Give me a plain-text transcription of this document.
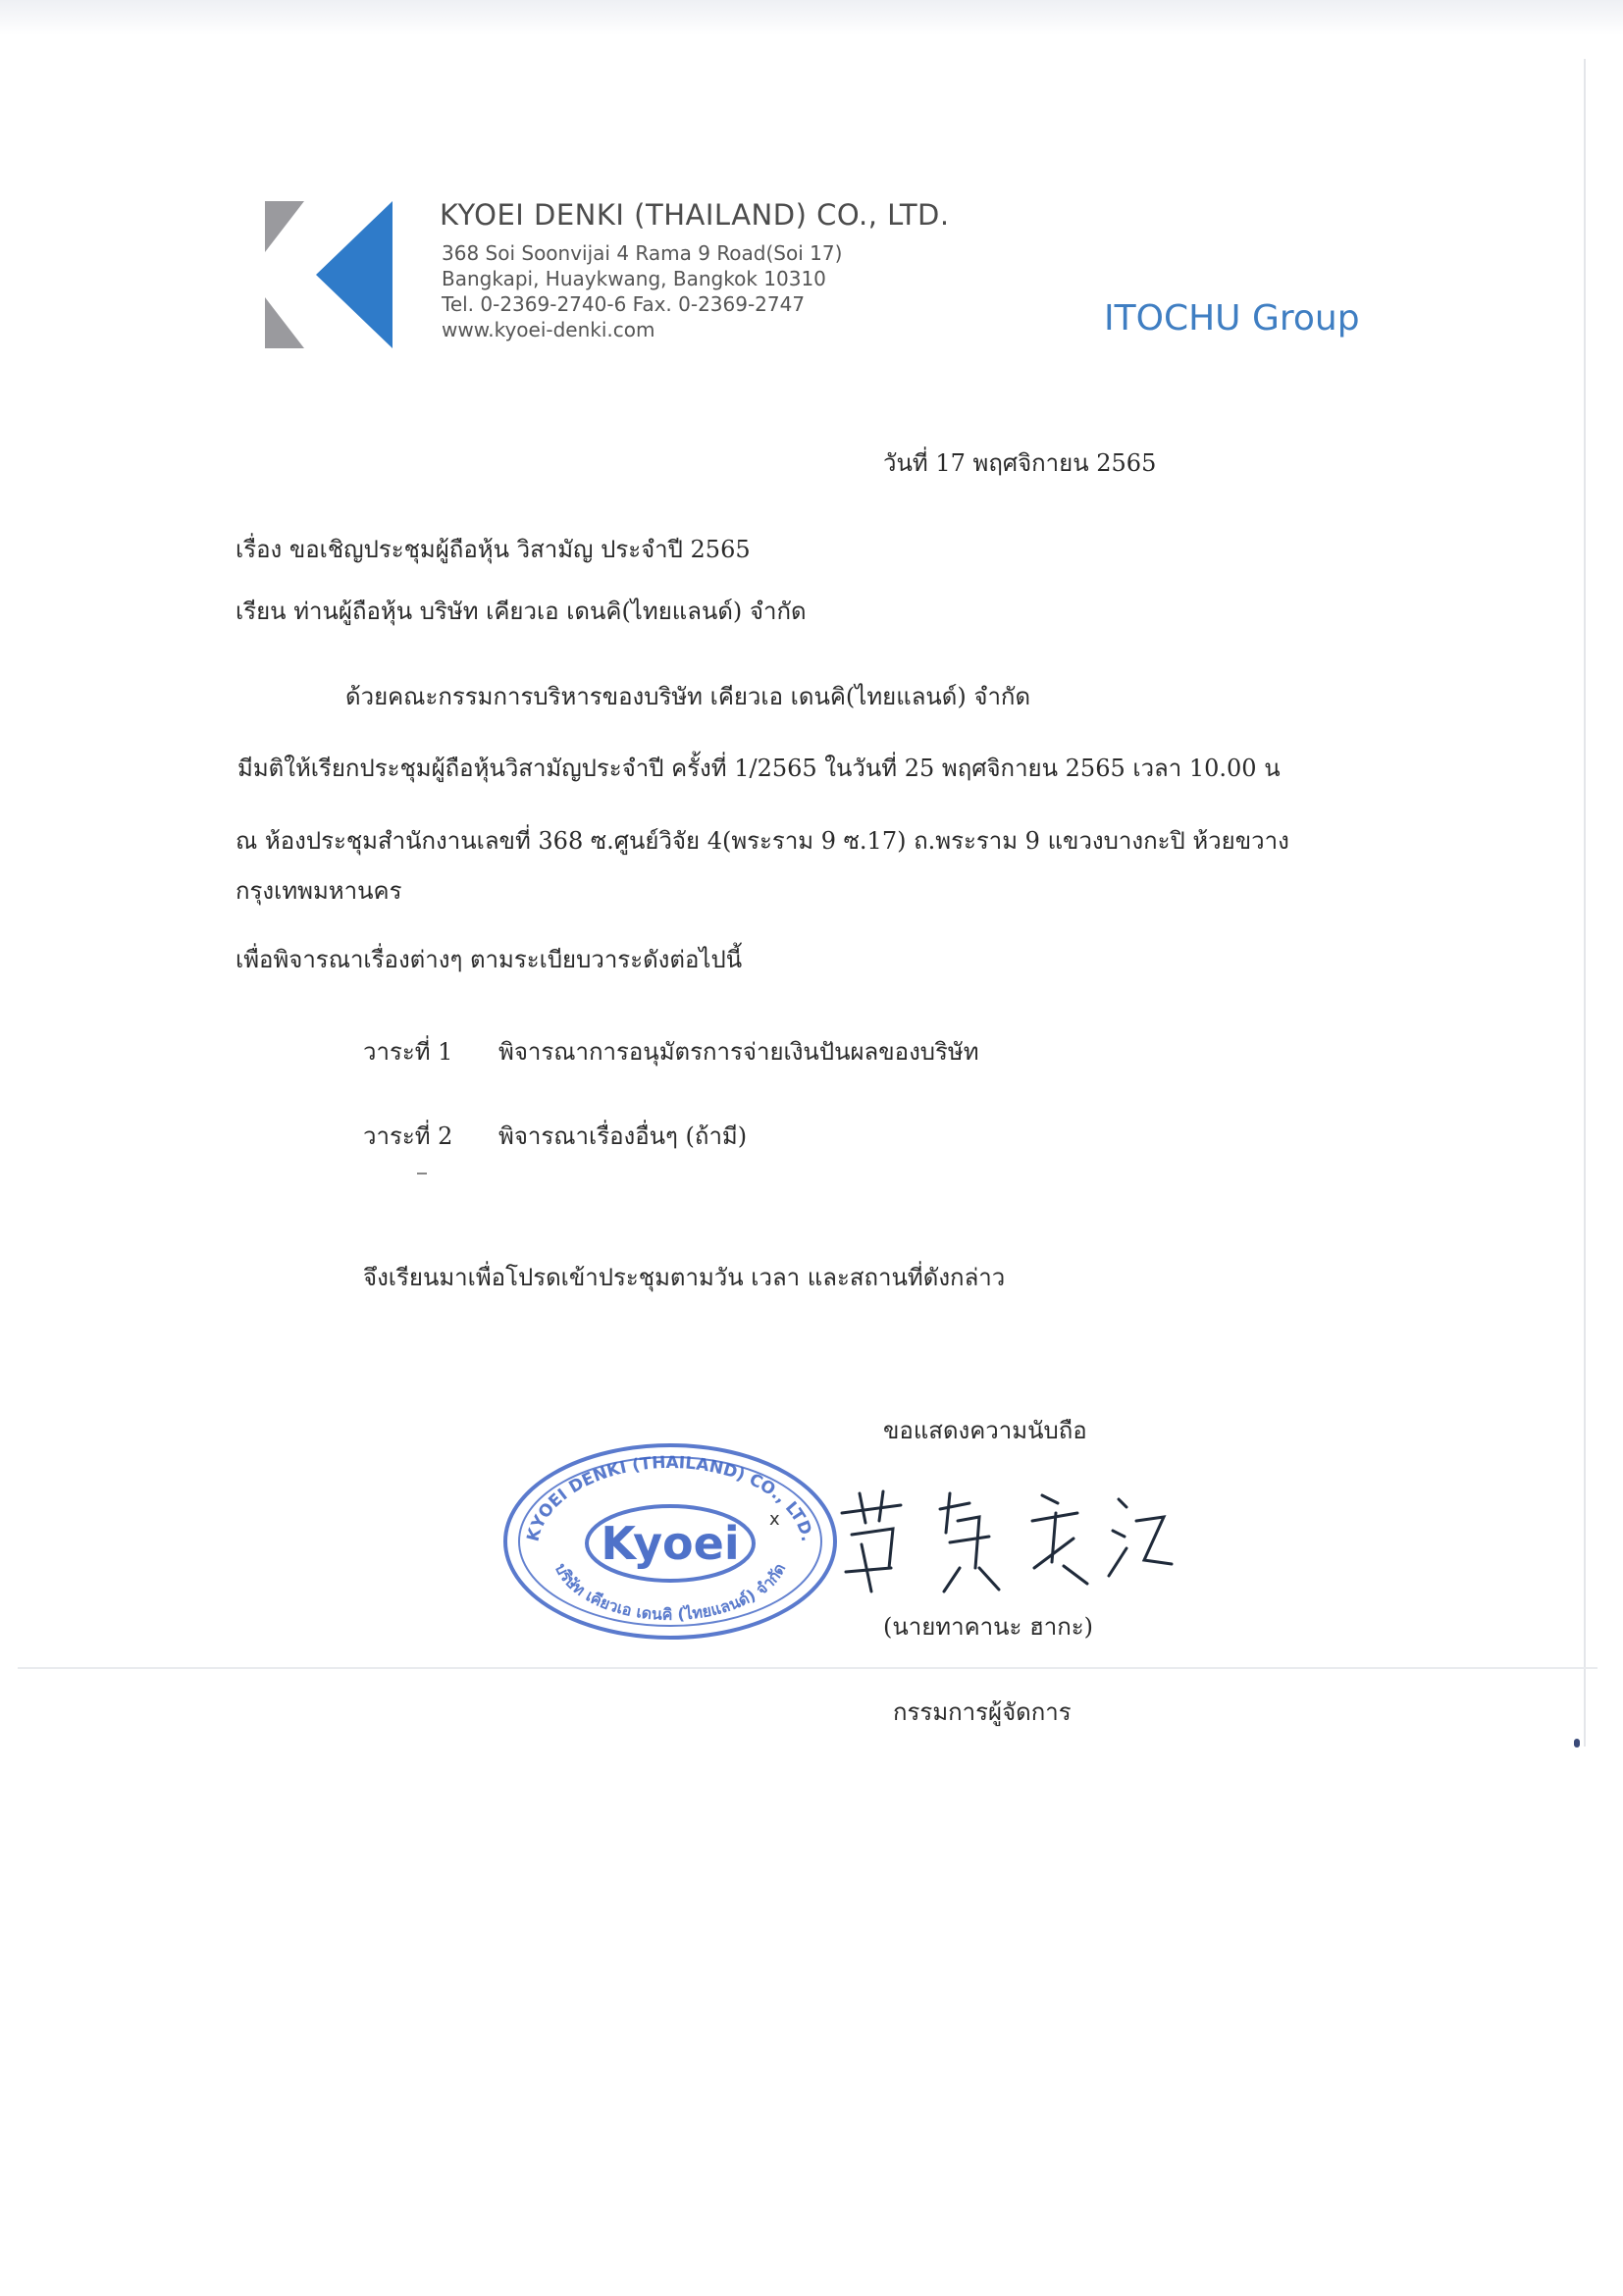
KYOEI DENKI (THAILAND) CO., LTD.
368 Soi Soonvijai 4 Rama 9 Road(Soi 17)
Bangkapi, Huaykwang, Bangkok 10310
Tel. 0-2369-2740-6 Fax. 0-2369-2747
www.kyoei-denki.com	ITOCHU Group
วันที่ 17 พฤศจิกายน 2565
เรื่อง ขอเชิญประชุมผู้ถือหุ้น วิสามัญ ประจำปี 2565
เรียน ท่านผู้ถือหุ้น บริษัท เคียวเอ เดนคิ(ไทยแลนด์) จำกัด
ด้วยคณะกรรมการบริหารของบริษัท เคียวเอ เดนคิ(ไทยแลนด์) จำกัด
มีมติให้เรียกประชุมผู้ถือหุ้นวิสามัญประจำปี ครั้งที่ 1/2565 ในวันที่ 25 พฤศจิกายน 2565 เวลา 10.00 น
ณ ห้องประชุมสำนักงานเลขที่ 368 ซ.ศูนย์วิจัย 4(พระราม 9 ซ.17) ถ.พระราม 9 แขวงบางกะปิ ห้วยขวาง
กรุงเทพมหานคร
เพื่อพิจารณาเรื่องต่างๆ ตามระเบียบวาระดังต่อไปนี้
วาระที่ 1 พิจารณาการอนุมัตรการจ่ายเงินปันผลของบริษัท
วาระที่ 2 พิจารณาเรื่องอื่นๆ (ถ้ามี)
จึงเรียนมาเพื่อโปรดเข้าประชุมตามวัน เวลา และสถานที่ดังกล่าว
ขอแสดงความนับถือ
KYOEI DENKI (THAILAND) CO., LTD.
บริษัท เคียวเอ เดนคิ (ไทยแลนด์) จำกัด
Kyoei x
(นายทาคานะ ฮากะ)
กรรมการผู้จัดการ
